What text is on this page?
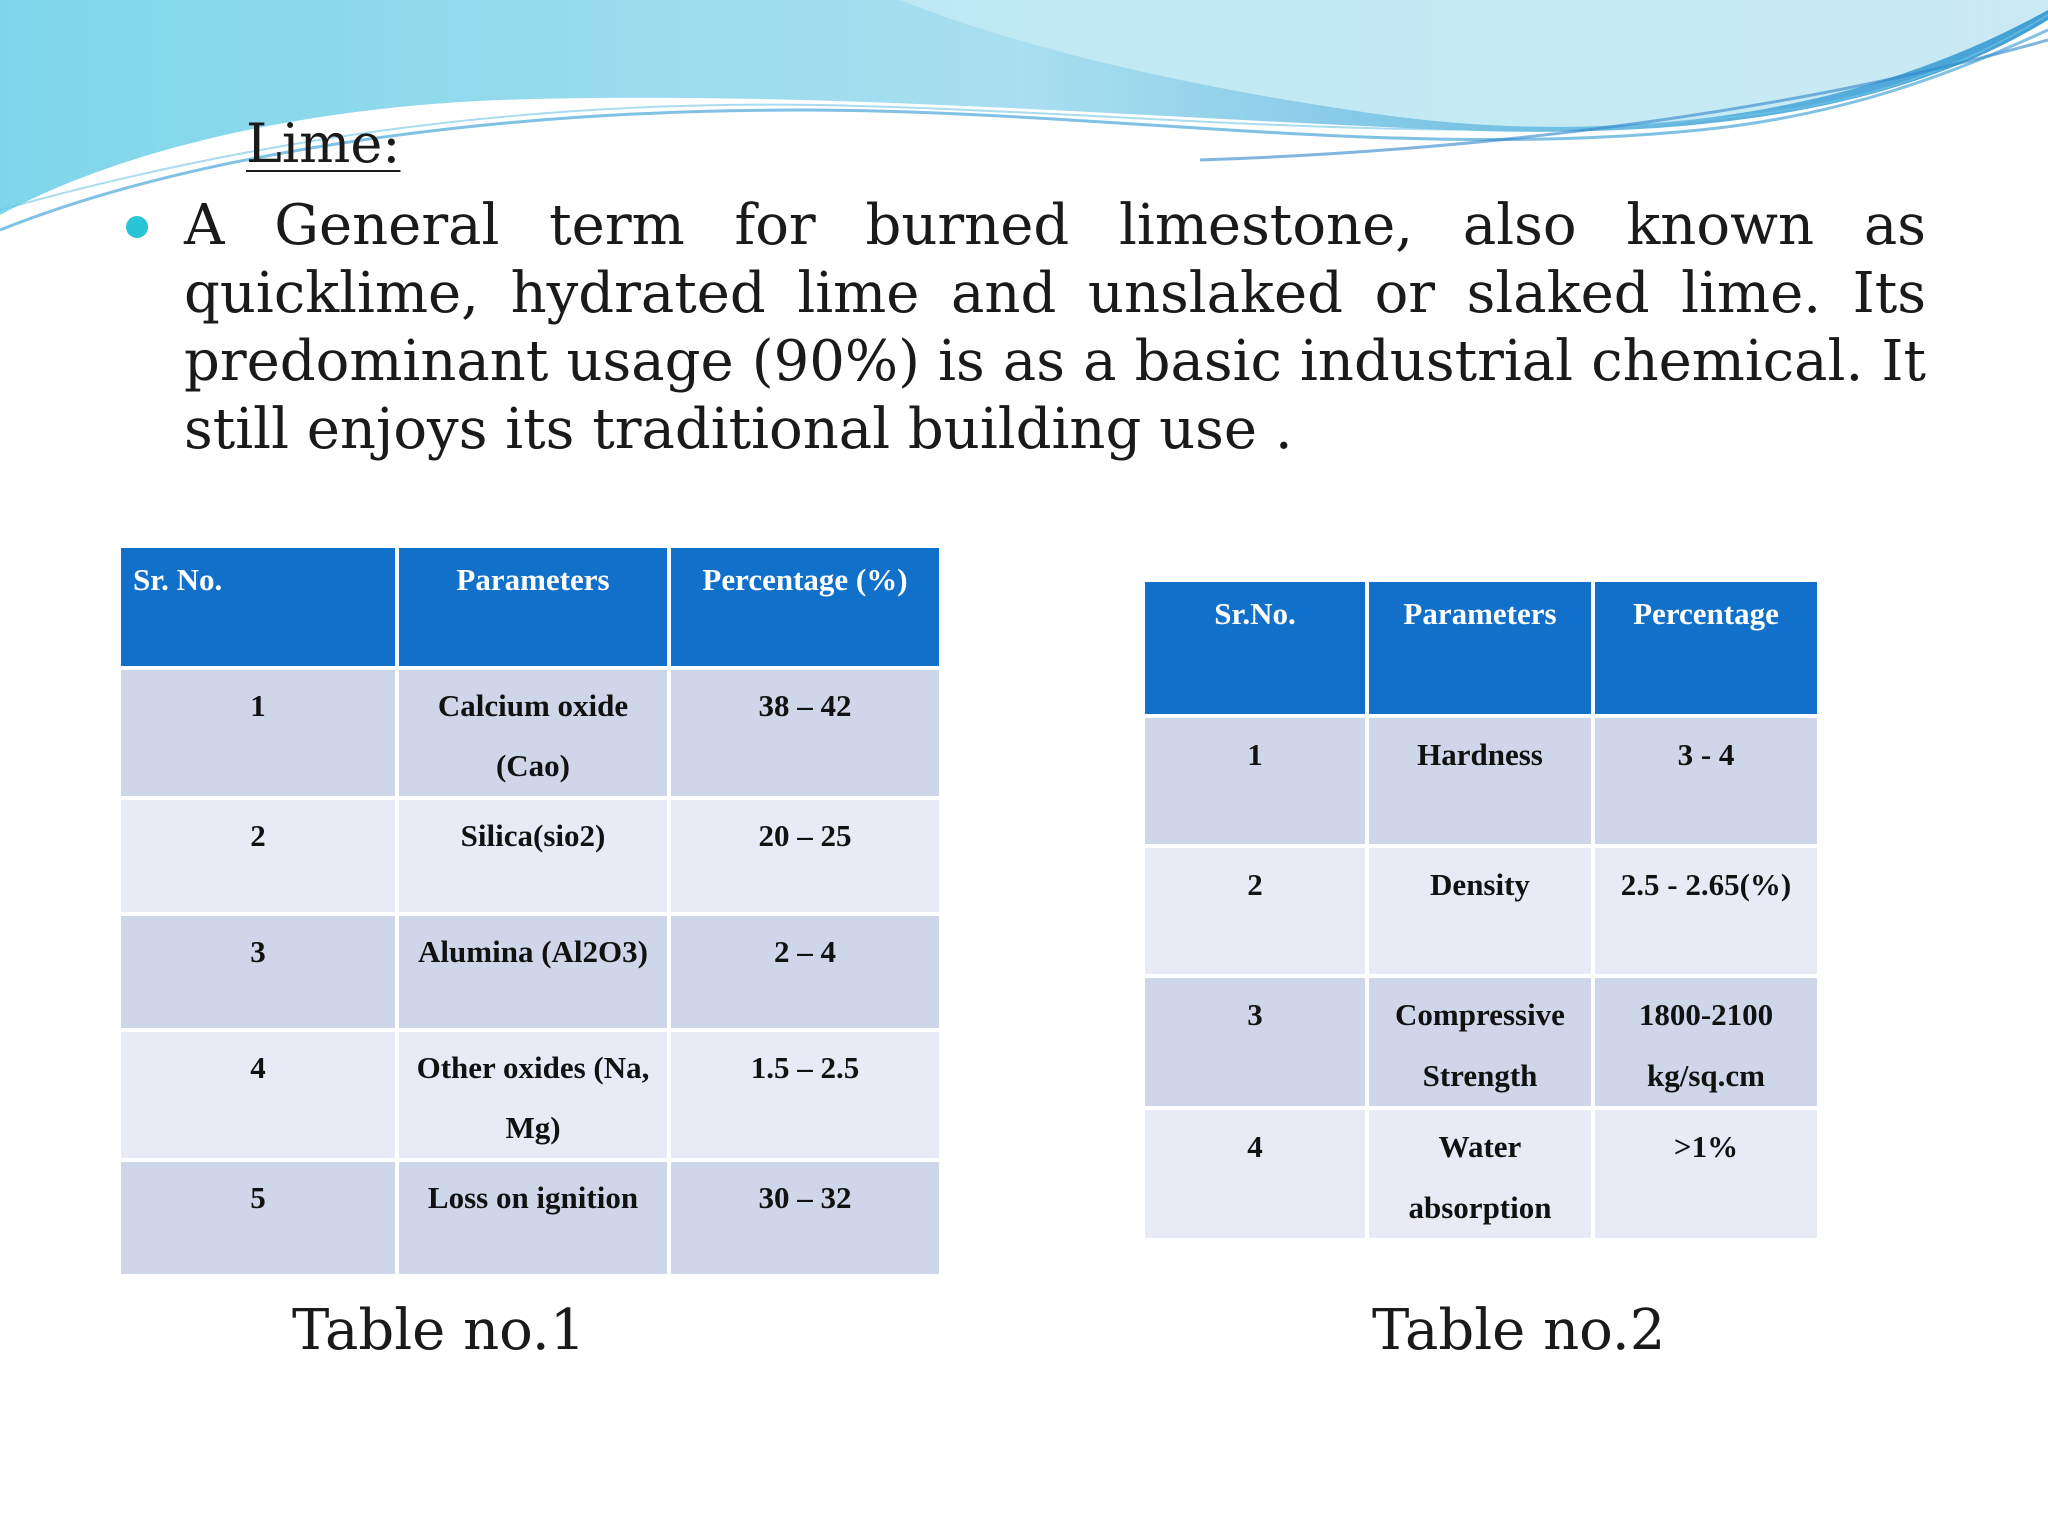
Lime:

A General term for burned limestone, also known as quicklime, hydrated lime and unslaked or slaked lime. Its predominant usage (90%) is as a basic industrial chemical. It still enjoys its traditional building use .

Sr. No.	Parameters	Percentage (%)
1	Calcium oxide (Cao)	38 – 42
2	Silica(sio2)	20 – 25
3	Alumina (Al2O3)	2 – 4
4	Other oxides (Na, Mg)	1.5 – 2.5
5	Loss on ignition	30 – 32

Table no.1

Sr.No.	Parameters	Percentage
1	Hardness	3 - 4
2	Density	2.5 - 2.65(%)
3	Compressive Strength	1800-2100 kg/sq.cm
4	Water absorption	>1%

Table no.2
